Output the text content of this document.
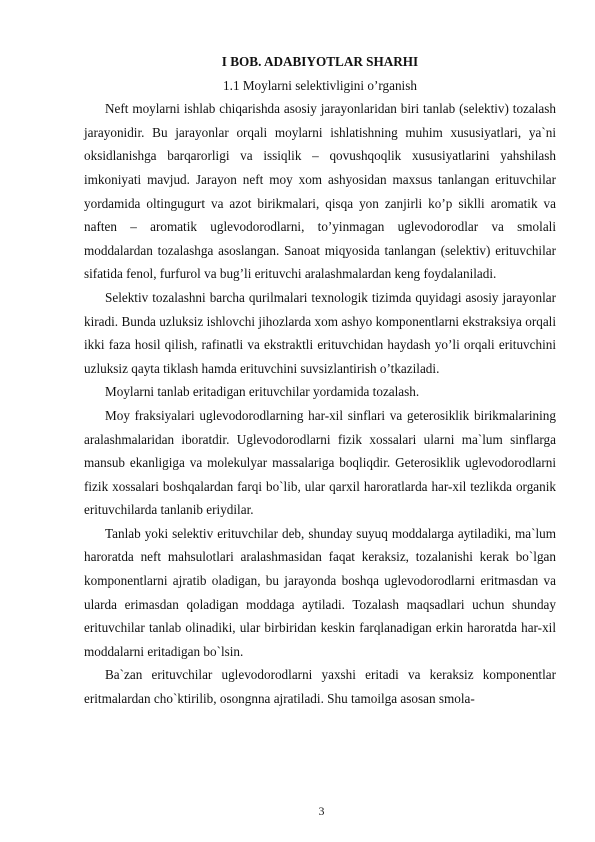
I BOB. ADABIYOTLAR SHARHI

1.1 Moylarni selektivligini o’rganish

Neft moylarni ishlab chiqarishda asosiy jarayonlaridan biri tanlab (selektiv) tozalash jarayonidir. Bu jarayonlar orqali moylarni ishlatishning muhim xususiyatlari, ya`ni oksidlanishga barqarorligi va issiqlik – qovushqoqlik xususiyatlarini yahshilash imkoniyati mavjud. Jarayon neft moy xom ashyosidan maxsus tanlangan erituvchilar yordamida oltingugurt va azot birikmalari, qisqa yon zanjirli ko’p siklli aromatik va naften – aromatik uglevodorodlarni, to’yinmagan uglevodorodlar va smolali moddalardan tozalashga asoslangan. Sanoat miqyosida tanlangan (selektiv) erituvchilar sifatida fenol, furfurol va bug’li erituvchi aralashmalardan keng foydalaniladi.

Selektiv tozalashni barcha qurilmalari texnologik tizimda quyidagi asosiy jarayonlar kiradi. Bunda uzluksiz ishlovchi jihozlarda xom ashyo komponentlarni ekstraksiya orqali ikki faza hosil qilish, rafinatli va ekstraktli erituvchidan haydash yo’li orqali erituvchini uzluksiz qayta tiklash hamda erituvchini suvsizlantirish o’tkaziladi.

Moylarni tanlab eritadigan erituvchilar yordamida tozalash.

Moy fraksiyalari uglevodorodlarning har-xil sinflari va geterosiklik birikmalarining aralashmalaridan iboratdir. Uglevodorodlarni fizik xossalari ularni ma`lum sinflarga mansub ekanligiga va molekulyar massalariga boqliqdir. Geterosiklik uglevodorodlarni fizik xossalari boshqalardan farqi bo`lib, ular qarxil haroratlarda har-xil tezlikda organik erituvchilarda tanlanib eriydilar.

Tanlab yoki selektiv erituvchilar deb, shunday suyuq moddalarga aytiladiki, ma`lum haroratda neft mahsulotlari aralashmasidan faqat keraksiz, tozalanishi kerak bo`lgan komponentlarni ajratib oladigan, bu jarayonda boshqa uglevodorodlarni eritmasdan va ularda erimasdan qoladigan moddaga aytiladi. Tozalash maqsadlari uchun shunday erituvchilar tanlab olinadiki, ular birbiridan keskin farqlanadigan erkin haroratda har-xil moddalarni eritadigan bo`lsin.

Ba`zan erituvchilar uglevodorodlarni yaxshi eritadi va keraksiz komponentlar eritmalardan cho`ktirilib, osongnna ajratiladi. Shu tamoilga asosan smola-

3
